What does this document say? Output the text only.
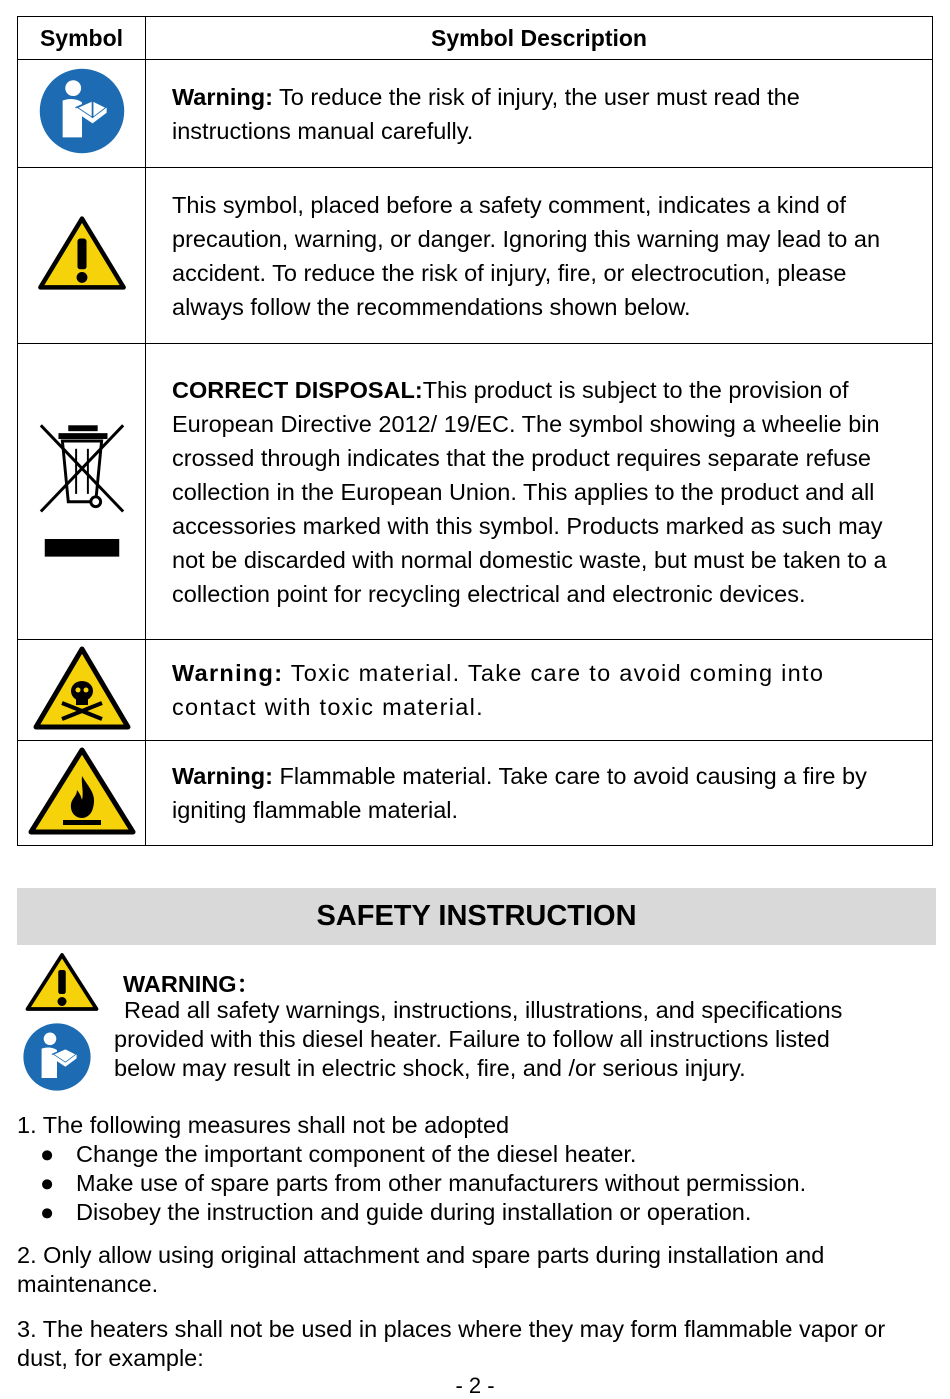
Symbol	Symbol Description
	Warning: To reduce the risk of injury, the user must read the instructions manual carefully.
	This symbol, placed before a safety comment, indicates a kind of precaution, warning, or danger. Ignoring this warning may lead to an accident. To reduce the risk of injury, fire, or electrocution, please always follow the recommendations shown below.
	CORRECT DISPOSAL:This product is subject to the provision of European Directive 2012/ 19/EC. The symbol showing a wheelie bin crossed through indicates that the product requires separate refuse collection in the European Union. This applies to the product and all accessories marked with this symbol. Products marked as such may not be discarded with normal domestic waste, but must be taken to a collection point for recycling electrical and electronic devices.
	Warning: Toxic material. Take care to avoid coming into contact with toxic material.
	Warning: Flammable material. Take care to avoid causing a fire by igniting flammable material.
SAFETY INSTRUCTION
WARNING：
Read all safety warnings, instructions, illustrations, and specifications
provided with this diesel heater. Failure to follow all instructions listed
below may result in electric shock, fire, and /or serious injury.
1. The following measures shall not be adopted
● Change the important component of the diesel heater.
● Make use of spare parts from other manufacturers without permission.
● Disobey the instruction and guide during installation or operation.
2. Only allow using original attachment and spare parts during installation and maintenance.
3. The heaters shall not be used in places where they may form flammable vapor or dust, for example:
- 2 -
